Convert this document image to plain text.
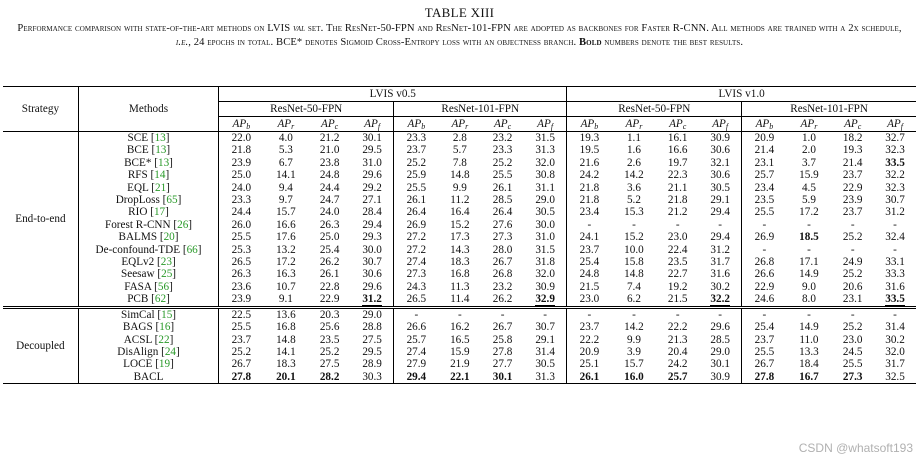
TABLE XIII
Performance comparison with state-of-the-art methods on LVIS val set. The ResNet-50-FPN and ResNet-101-FPN are adopted as backbones for Faster R-CNN. All methods are trained with a 2x schedule, i.e., 24 epochs in total. BCE* denotes Sigmoid Cross-Entropy loss with an objectness branch. Bold numbers denote the best results.
Strategy	Methods	LVIS v0.5								LVIS v1.0							
		ResNet-50-FPN				ResNet-101-FPN				ResNet-50-FPN				ResNet-101-FPN			
		$AP_b$	$AP_r$	$AP_c$	$AP_f$	$AP_b$	$AP_r$	$AP_c$	$AP_f$	$AP_b$	$AP_r$	$AP_c$	$AP_f$	$AP_b$	$AP_r$	$AP_c$	$AP_f$
End-to-end	SCE [13]	22.0	4.0	21.2	30.1	23.3	2.8	23.2	31.5	19.3	1.1	16.1	30.9	20.9	1.0	18.2	32.7
	BCE [13]	21.8	5.3	21.0	29.5	23.7	5.7	23.3	31.3	19.5	1.6	16.6	30.6	21.4	2.0	19.3	32.3
	BCE* [13]	23.9	6.7	23.8	31.0	25.2	7.8	25.2	32.0	21.6	2.6	19.7	32.1	23.1	3.7	21.4	33.5
	RFS [14]	25.0	14.1	24.8	29.6	25.9	14.8	25.5	30.8	24.2	14.2	22.3	30.6	25.7	15.9	23.7	32.2
	EQL [21]	24.0	9.4	24.4	29.2	25.5	9.9	26.1	31.1	21.8	3.6	21.1	30.5	23.4	4.5	22.9	32.3
	DropLoss [65]	23.3	9.7	24.7	27.1	26.1	11.2	28.5	29.0	21.8	5.2	21.8	29.1	23.5	5.9	23.9	30.7
	RIO [17]	24.4	15.7	24.0	28.4	26.4	16.4	26.4	30.5	23.4	15.3	21.2	29.4	25.5	17.2	23.7	31.2
	Forest R-CNN [26]	26.0	16.6	26.3	29.4	26.9	15.2	27.6	30.0	-	-	-	-	-	-	-	-
	BALMS [20]	25.5	17.6	25.0	29.3	27.2	17.3	27.3	31.0	24.1	15.2	23.0	29.4	26.9	18.5	25.2	32.4
	De-confound-TDE [66]	25.3	13.2	25.4	30.0	27.2	14.3	28.0	31.5	23.7	10.0	22.4	31.2	-	-	-	-
	EQLv2 [23]	26.5	17.2	26.2	30.7	27.4	18.3	26.7	31.8	25.4	15.8	23.5	31.7	26.8	17.1	24.9	33.1
	Seesaw [25]	26.3	16.3	26.1	30.6	27.3	16.8	26.8	32.0	24.8	14.8	22.7	31.6	26.6	14.9	25.2	33.3
	FASA [56]	23.6	10.7	22.8	29.6	24.3	11.3	23.2	30.9	21.5	7.4	19.2	30.2	22.9	9.0	20.6	31.6
	PCB [62]	23.9	9.1	22.9	31.2	26.5	11.4	26.2	32.9	23.0	6.2	21.5	32.2	24.6	8.0	23.1	33.5
Decoupled	SimCal [15]	22.5	13.6	20.3	29.0	-	-	-	-	-	-	-	-	-	-	-	-
	BAGS [16]	25.5	16.8	25.6	28.8	26.6	16.2	26.7	30.7	23.7	14.2	22.2	29.6	25.4	14.9	25.2	31.4
	ACSL [22]	23.7	14.8	23.5	27.5	25.7	16.5	25.8	29.1	22.2	9.9	21.3	28.5	23.7	11.0	23.0	30.2
	DisAlign [24]	25.2	14.1	25.2	29.5	27.4	15.9	27.8	31.4	20.9	3.9	20.4	29.0	25.5	13.3	24.5	32.0
	LOCE [19]	26.7	18.3	27.5	28.9	27.9	21.9	27.7	30.5	25.1	15.7	24.2	30.1	26.7	18.4	25.5	31.7
	BACL	27.8	20.1	28.2	30.3	29.4	22.1	30.1	31.3	26.1	16.0	25.7	30.9	27.8	16.7	27.3	32.5
CSDN @whatsoft193
